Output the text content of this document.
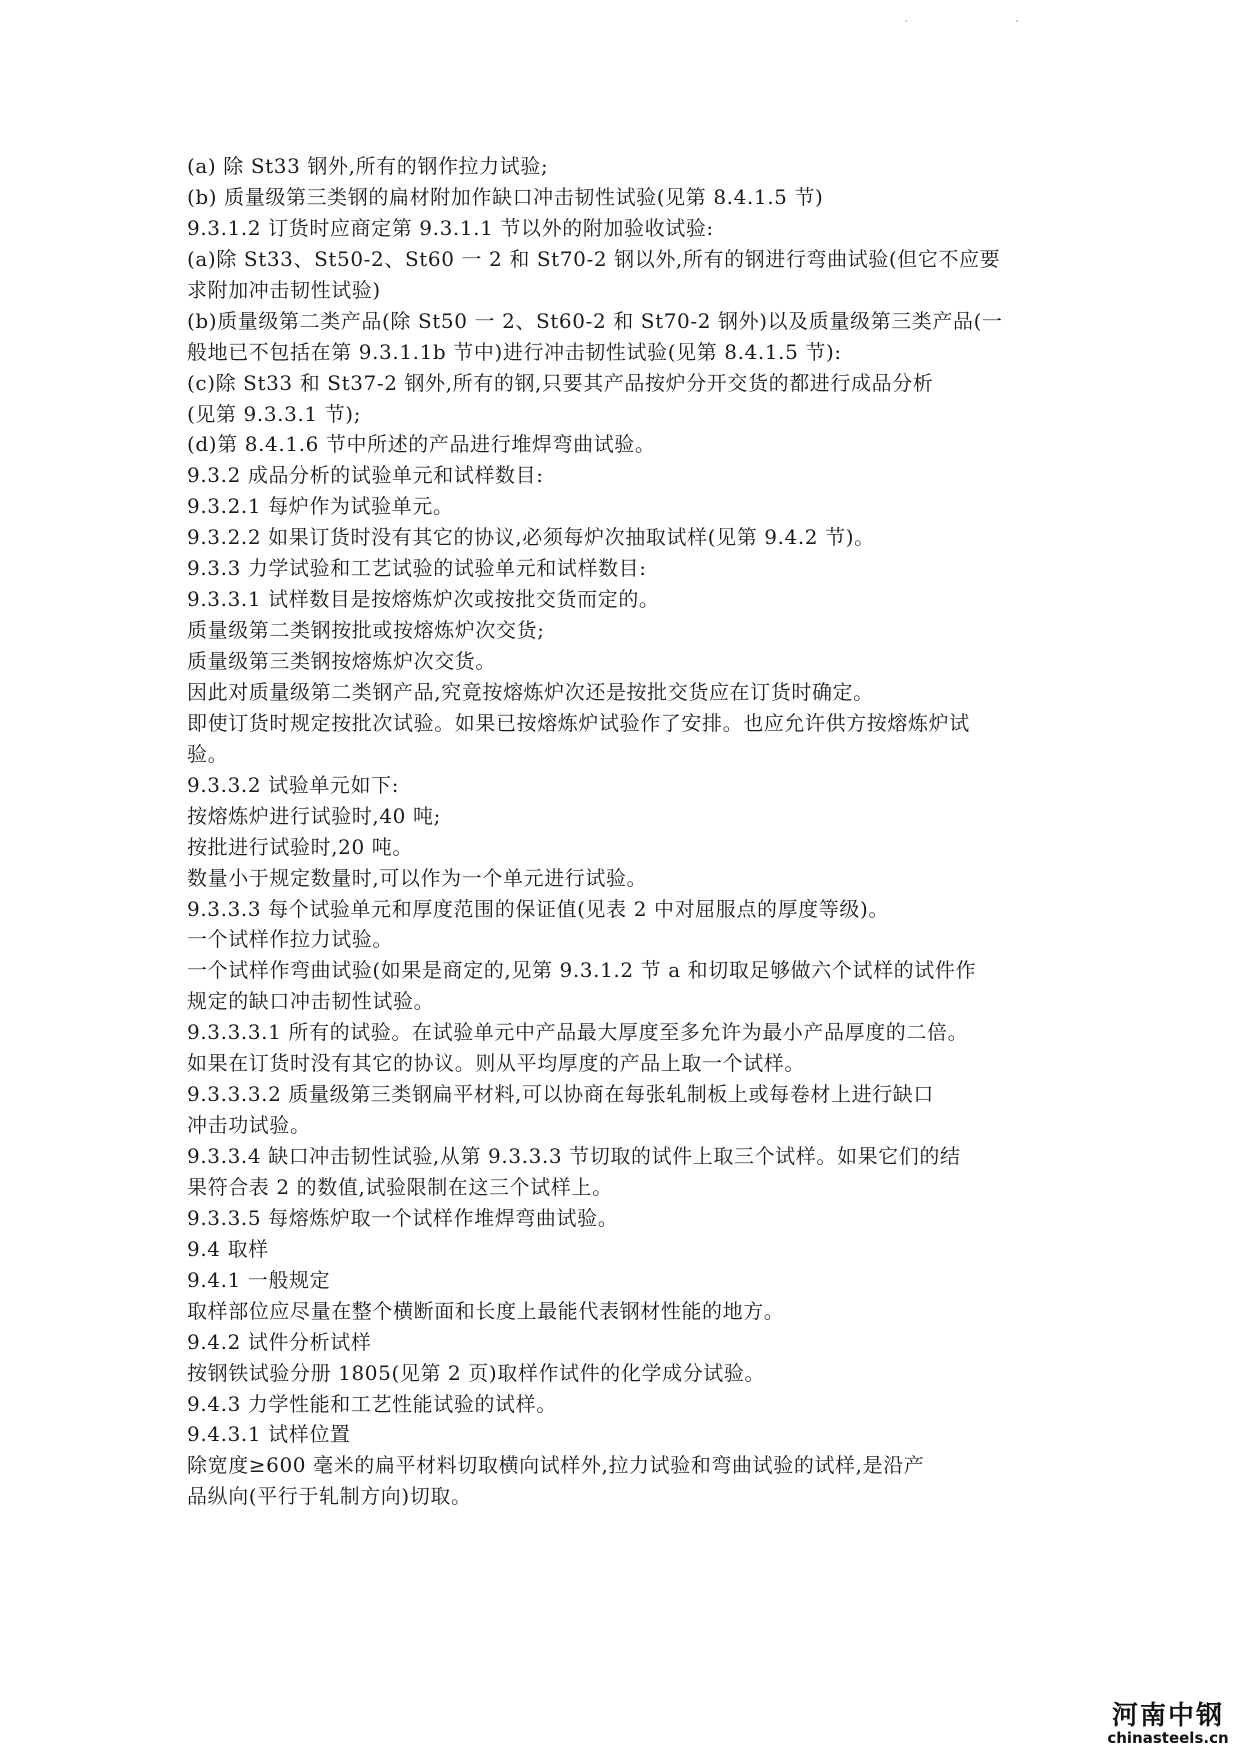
(a) 除 St33 钢外,所有的钢作拉力试验;
(b) 质量级第三类钢的扁材附加作缺口冲击韧性试验(见第 8.4.1.5 节)
9.3.1.2 订货时应商定第 9.3.1.1 节以外的附加验收试验:
(a)除 St33、St50-2、St60 一 2 和 St70-2 钢以外,所有的钢进行弯曲试验(但它不应要
求附加冲击韧性试验)
(b)质量级第二类产品(除 St50 一 2、St60-2 和 St70-2 钢外)以及质量级第三类产品(一
般地已不包括在第 9.3.1.1b 节中)进行冲击韧性试验(见第 8.4.1.5 节):
(c)除 St33 和 St37-2 钢外,所有的钢,只要其产品按炉分开交货的都进行成品分析
(见第 9.3.3.1 节);
(d)第 8.4.1.6 节中所述的产品进行堆焊弯曲试验。
9.3.2 成品分析的试验单元和试样数目:
9.3.2.1 每炉作为试验单元。
9.3.2.2 如果订货时没有其它的协议,必须每炉次抽取试样(见第 9.4.2 节)。
9.3.3 力学试验和工艺试验的试验单元和试样数目:
9.3.3.1 试样数目是按熔炼炉次或按批交货而定的。
质量级第二类钢按批或按熔炼炉次交货;
质量级第三类钢按熔炼炉次交货。
因此对质量级第二类钢产品,究竟按熔炼炉次还是按批交货应在订货时确定。
即使订货时规定按批次试验。如果已按熔炼炉试验作了安排。也应允许供方按熔炼炉试
验。
9.3.3.2 试验单元如下:
按熔炼炉进行试验时,40 吨;
按批进行试验时,20 吨。
数量小于规定数量时,可以作为一个单元进行试验。
9.3.3.3 每个试验单元和厚度范围的保证值(见表 2 中对屈服点的厚度等级)。
一个试样作拉力试验。
一个试样作弯曲试验(如果是商定的,见第 9.3.1.2 节 a 和切取足够做六个试样的试件作
规定的缺口冲击韧性试验。
9.3.3.3.1 所有的试验。在试验单元中产品最大厚度至多允许为最小产品厚度的二倍。
如果在订货时没有其它的协议。则从平均厚度的产品上取一个试样。
9.3.3.3.2 质量级第三类钢扁平材料,可以协商在每张轧制板上或每卷材上进行缺口
冲击功试验。
9.3.3.4 缺口冲击韧性试验,从第 9.3.3.3 节切取的试件上取三个试样。如果它们的结
果符合表 2 的数值,试验限制在这三个试样上。
9.3.3.5 每熔炼炉取一个试样作堆焊弯曲试验。
9.4 取样
9.4.1 一般规定
取样部位应尽量在整个横断面和长度上最能代表钢材性能的地方。
9.4.2 试件分析试样
按钢铁试验分册 1805(见第 2 页)取样作试件的化学成分试验。
9.4.3 力学性能和工艺性能试验的试样。
9.4.3.1 试样位置
除宽度≥600 毫米的扁平材料切取横向试样外,拉力试验和弯曲试验的试样,是沿产
品纵向(平行于轧制方向)切取。
河南中钢
chinasteels.cn
